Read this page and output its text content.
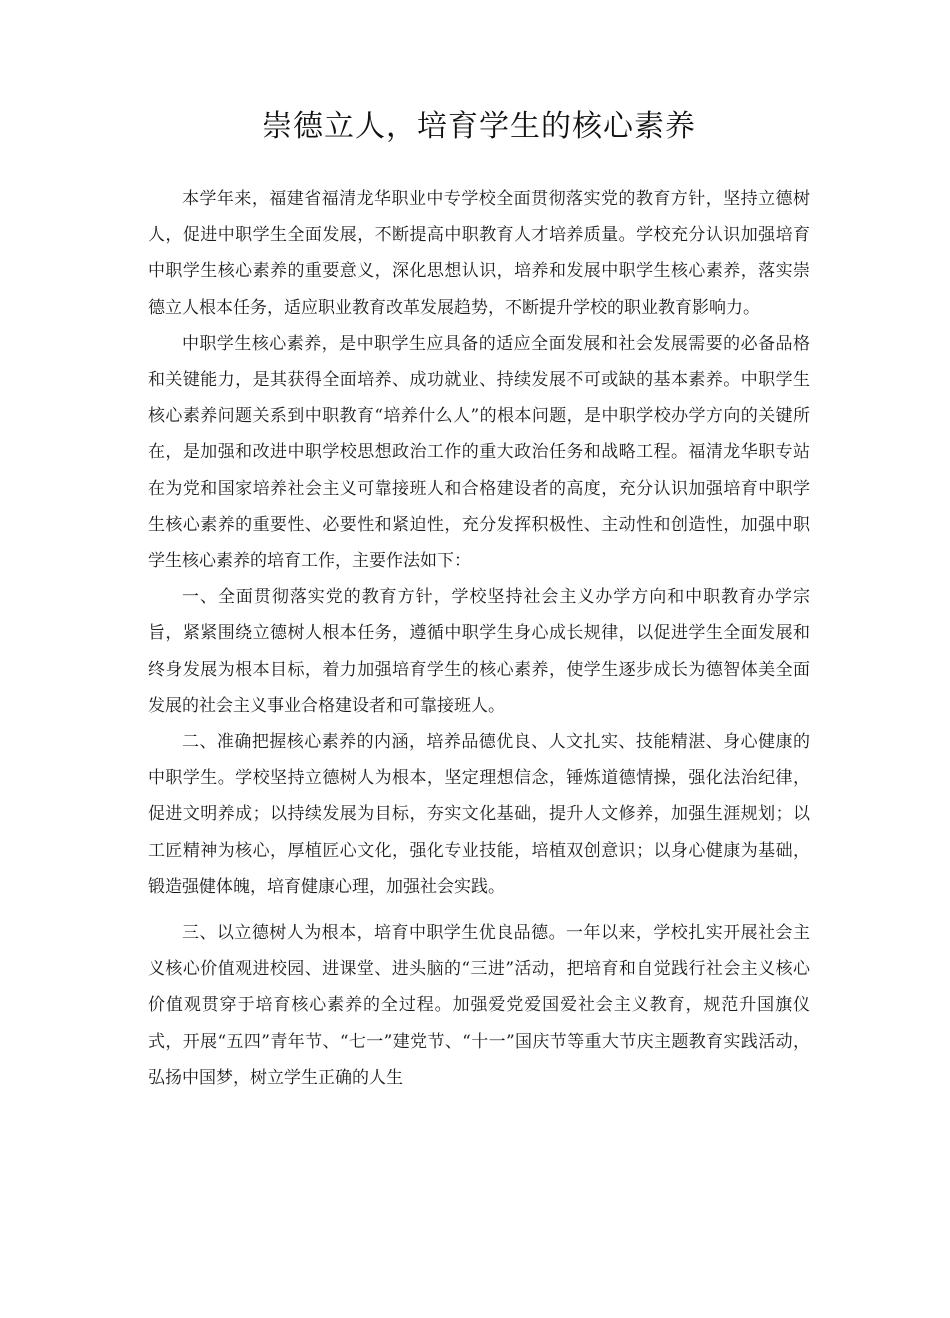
崇德立人，培育学生的核心素养

本学年来，福建省福清龙华职业中专学校全面贯彻落实党的教育方针，坚持立德树人，促进中职学生全面发展，不断提高中职教育人才培养质量。学校充分认识加强培育中职学生核心素养的重要意义，深化思想认识，培养和发展中职学生核心素养，落实崇德立人根本任务，适应职业教育改革发展趋势，不断提升学校的职业教育影响力。

中职学生核心素养，是中职学生应具备的适应全面发展和社会发展需要的必备品格和关键能力，是其获得全面培养、成功就业、持续发展不可或缺的基本素养。中职学生核心素养问题关系到中职教育“培养什么人”的根本问题，是中职学校办学方向的关键所在，是加强和改进中职学校思想政治工作的重大政治任务和战略工程。福清龙华职专站在为党和国家培养社会主义可靠接班人和合格建设者的高度，充分认识加强培育中职学生核心素养的重要性、必要性和紧迫性，充分发挥积极性、主动性和创造性，加强中职学生核心素养的培育工作，主要作法如下：

一、全面贯彻落实党的教育方针，学校坚持社会主义办学方向和中职教育办学宗旨，紧紧围绕立德树人根本任务，遵循中职学生身心成长规律，以促进学生全面发展和终身发展为根本目标，着力加强培育学生的核心素养，使学生逐步成长为德智体美全面发展的社会主义事业合格建设者和可靠接班人。

二、准确把握核心素养的内涵，培养品德优良、人文扎实、技能精湛、身心健康的中职学生。学校坚持立德树人为根本，坚定理想信念，锤炼道德情操，强化法治纪律，促进文明养成；以持续发展为目标，夯实文化基础，提升人文修养，加强生涯规划；以工匠精神为核心，厚植匠心文化，强化专业技能，培植双创意识；以身心健康为基础，锻造强健体魄，培育健康心理，加强社会实践。

三、以立德树人为根本，培育中职学生优良品德。一年以来，学校扎实开展社会主义核心价值观进校园、进课堂、进头脑的“三进”活动，把培育和自觉践行社会主义核心价值观贯穿于培育核心素养的全过程。加强爱党爱国爱社会主义教育，规范升国旗仪式，开展“五四”青年节、“七一”建党节、“十一”国庆节等重大节庆主题教育实践活动，弘扬中国梦，树立学生正确的人生
